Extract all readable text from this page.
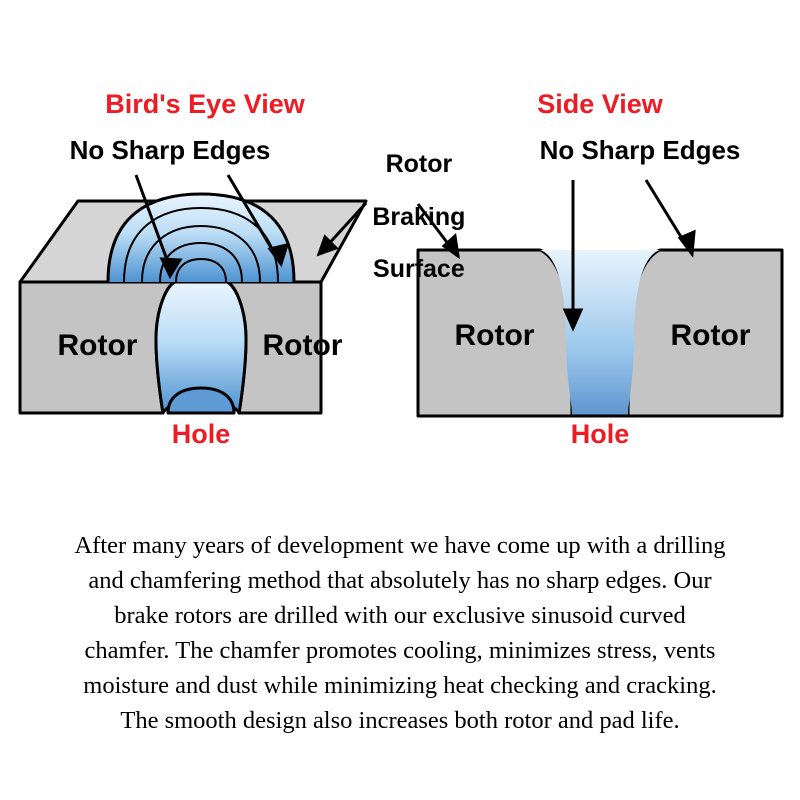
Bird's Eye View	Side View
No Sharp Edges	Rotor

Braking

Surface

No Sharp Edges
Rotor	Rotor	Rotor	Rotor
Hole	Hole
After many years of development we have come up with a drilling
and chamfering method that absolutely has no sharp edges. Our
brake rotors are drilled with our exclusive sinusoid curved
chamfer. The chamfer promotes cooling, minimizes stress, vents
moisture and dust while minimizing heat checking and cracking.
The smooth design also increases both rotor and pad life.
